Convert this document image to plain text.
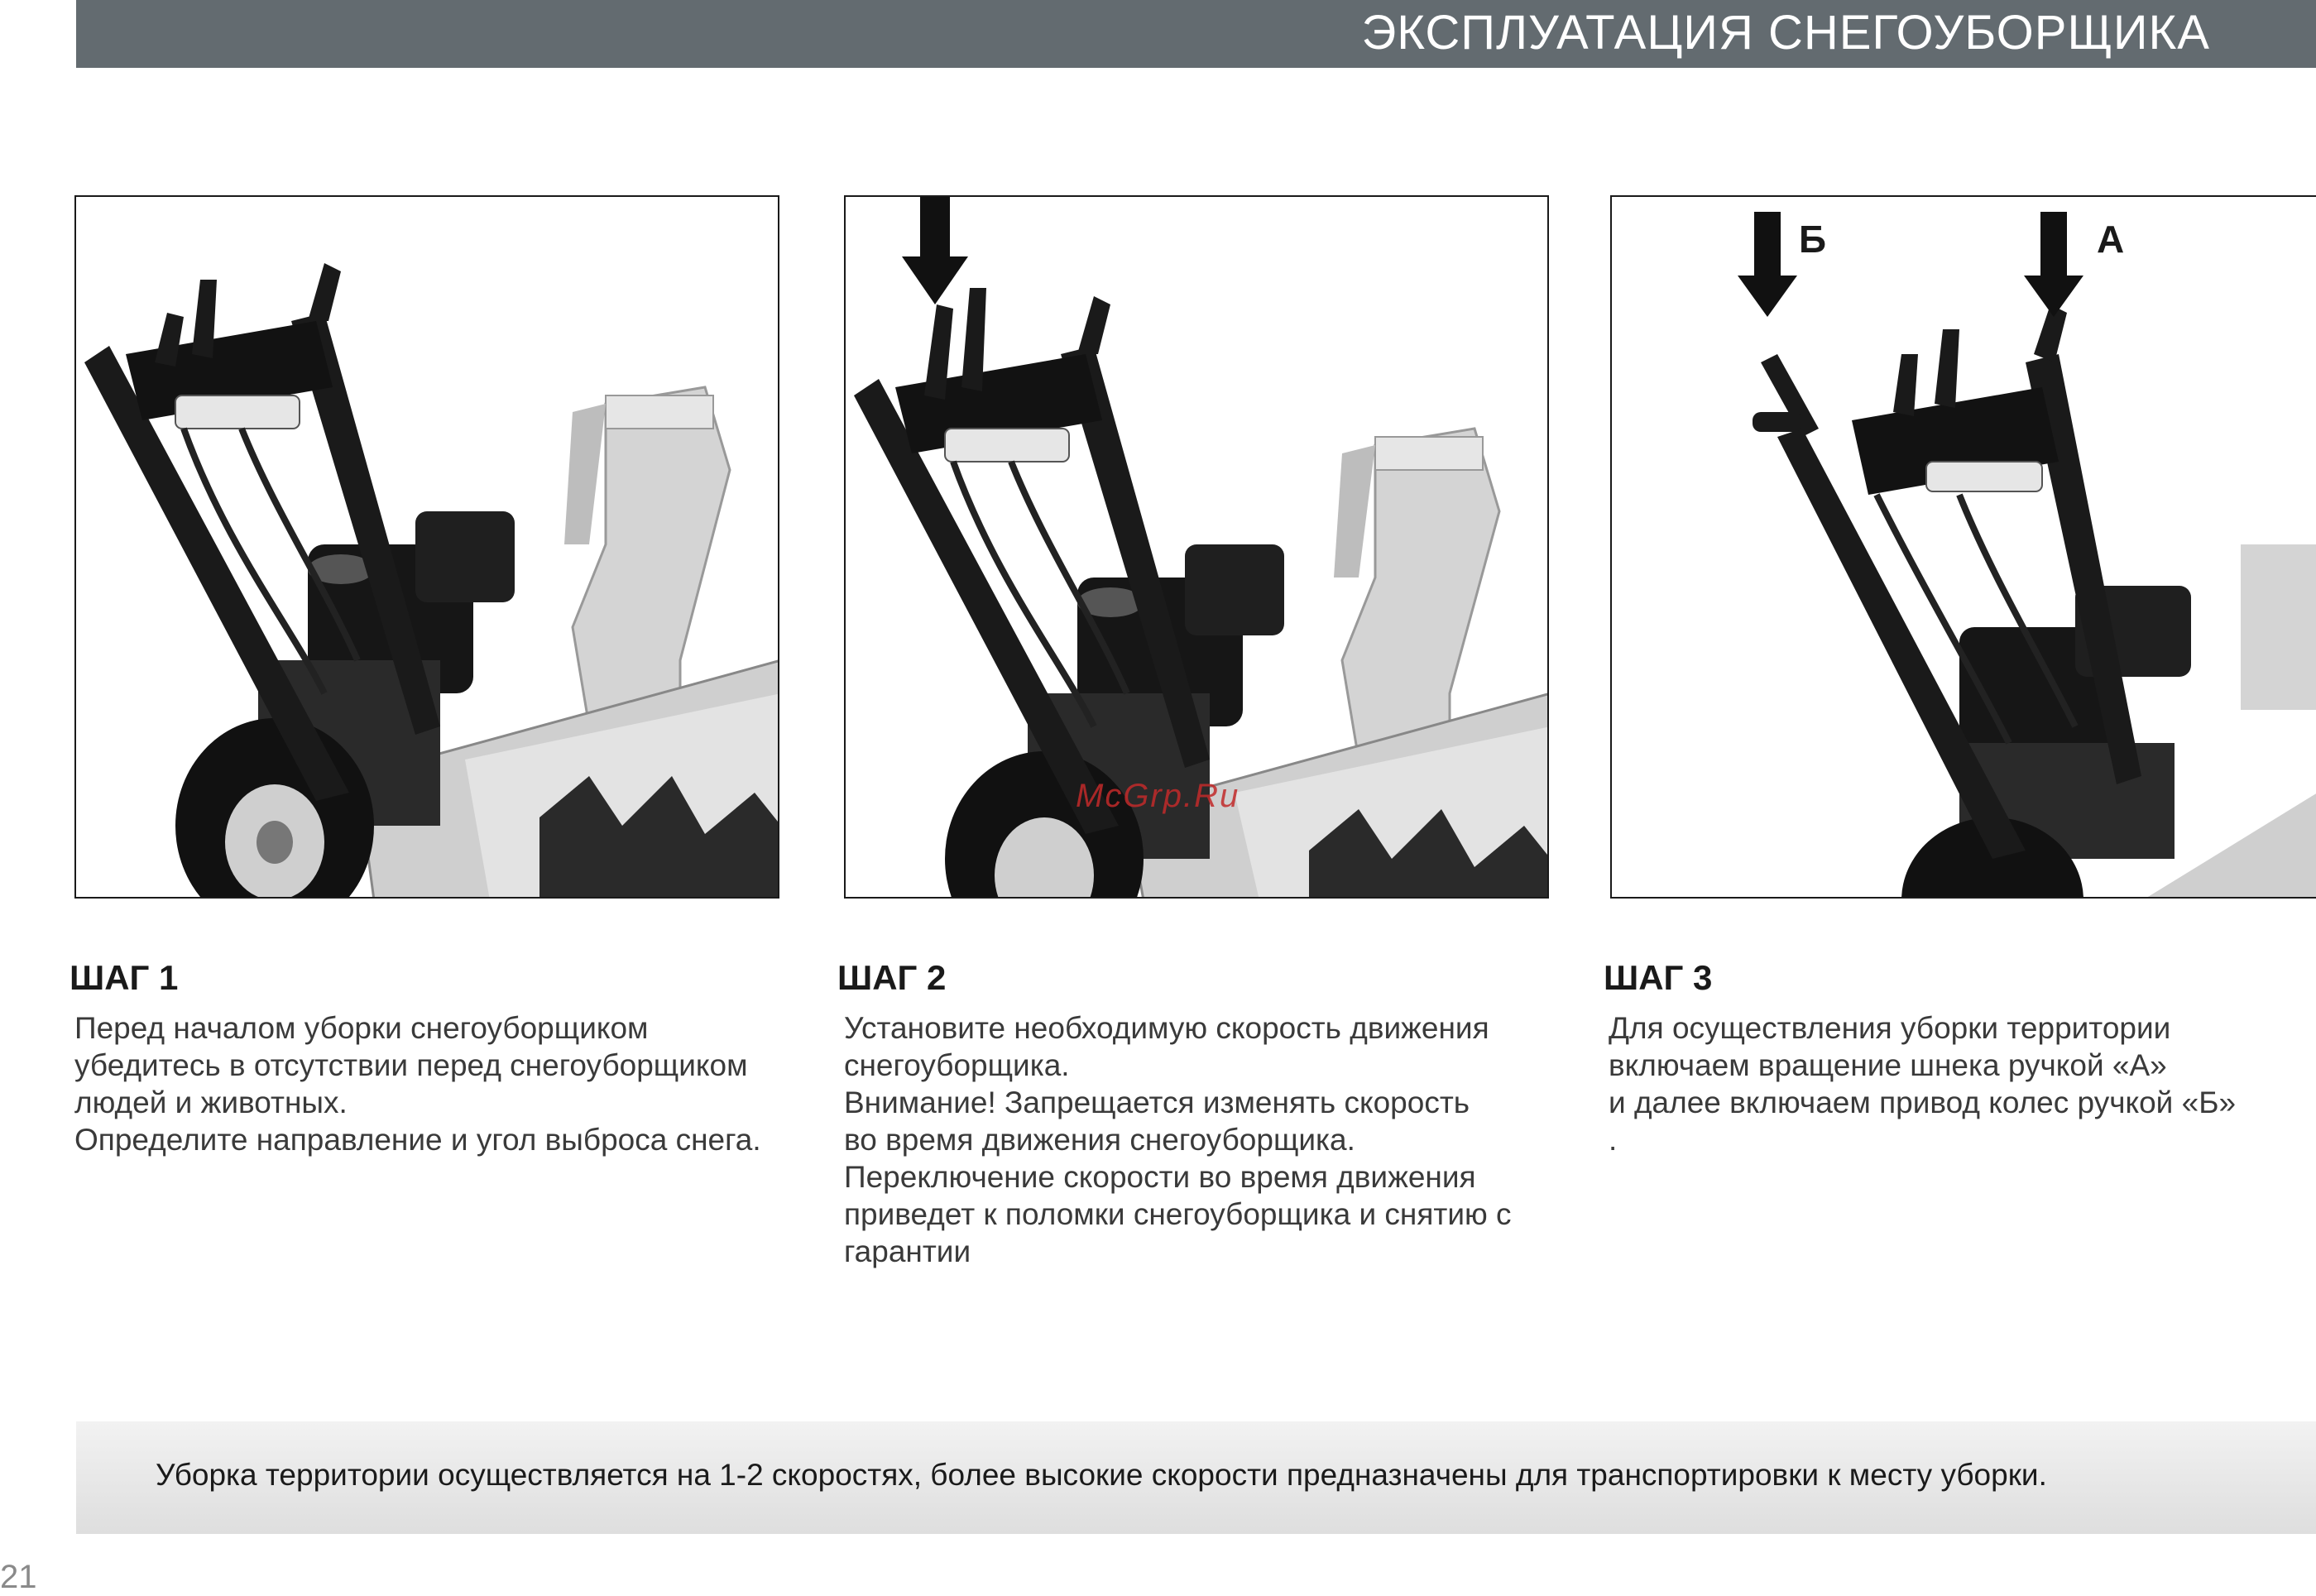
ЭКСПЛУАТАЦИЯ СНЕГОУБОРЩИКА
Б	А
McGrp.Ru
ШАГ 1
Перед началом уборки снегоуборщиком
убедитесь в отсутствии перед снегоуборщиком
людей и животных.
Определите направление и угол выброса снега.
ШАГ 2
Установите необходимую скорость движения
снегоуборщика.
Внимание! Запрещается изменять скорость
во время движения снегоуборщика.
Переключение скорости во время движения
приведет к поломки снегоуборщика и снятию с
гарантии
ШАГ 3
Для осуществления уборки территории
включаем вращение шнека ручкой «А»
и далее включаем привод колес ручкой «Б»
.
Уборка территории осуществляется на 1-2 скоростях, более высокие скорости предназначены для транспортировки к месту уборки.
21
